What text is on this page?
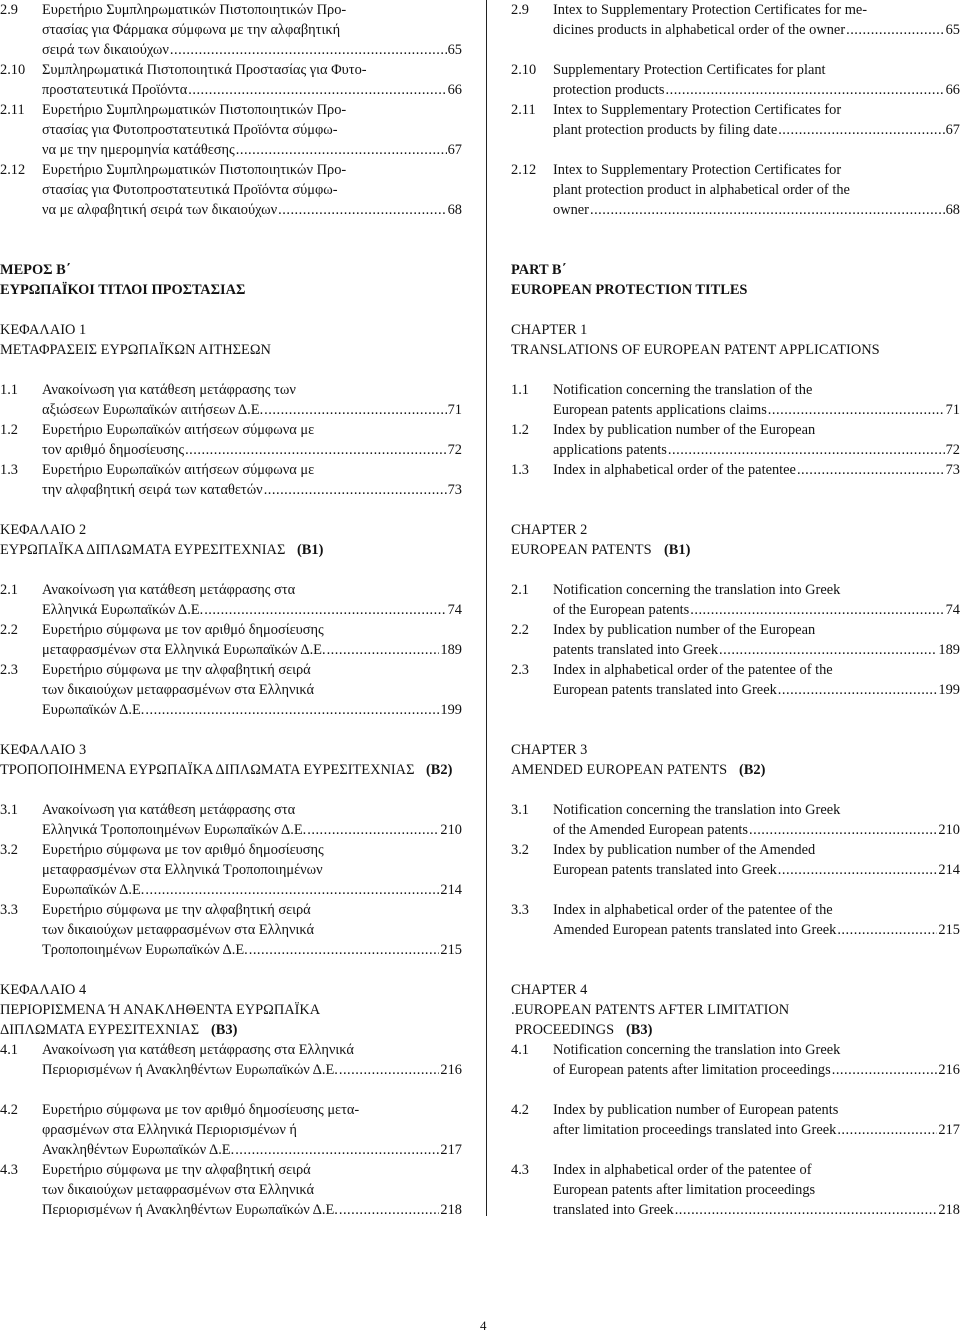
2.9 Ευρετήριο Συμπληρωματικών Πιστοποιητικών Προ-
στασίας για Φάρμακα σύμφωνα με την αλφαβητική
σειρά των δικαιούχων .....	65
2.10 Συμπληρωματικά Πιστοποιητικά Προστασίας για Φυτο-
προστατευτικά Προϊόντα .....	66
2.11 Ευρετήριο Συμπληρωματικών Πιστοποιητικών Προ-
στασίας για Φυτοπροστατευτικά Προϊόντα σύμφω-
να με την ημερομηνία κατάθεσης .....	67
2.12 Ευρετήριο Συμπληρωματικών Πιστοποιητικών Προ-
στασίας για Φυτοπροστατευτικά Προϊόντα σύμφω-
να με αλφαβητική σειρά των δικαιούχων .....	68
ΜΕΡΟΣ Β΄
ΕΥΡΩΠΑΪΚΟΙ ΤΙΤΛΟΙ ΠΡΟΣΤΑΣΙΑΣ
ΚΕΦΑΛΑΙΟ 1
ΜΕΤΑΦΡΑΣΕΙΣ ΕΥΡΩΠΑΪΚΩΝ ΑΙΤΗΣΕΩΝ
1.1 Ανακοίνωση για κατάθεση μετάφρασης των
αξιώσεων Ευρωπαϊκών αιτήσεων Δ.Ε. .....	71
1.2 Ευρετήριο Ευρωπαϊκών αιτήσεων σύμφωνα με
τον αριθμό δημοσίευσης .....	72
1.3 Ευρετήριο Ευρωπαϊκών αιτήσεων σύμφωνα με
την αλφαβητική σειρά των καταθετών .....	73
ΚΕΦΑΛΑΙΟ 2
ΕΥΡΩΠΑΪΚΑ ΔΙΠΛΩΜΑΤΑ ΕΥΡΕΣΙΤΕΧΝΙΑΣ (Β1)
2.1 Ανακοίνωση για κατάθεση μετάφρασης στα
Ελληνικά Ευρωπαϊκών Δ.Ε. .....	74
2.2 Ευρετήριο σύμφωνα με τον αριθμό δημοσίευσης
μεταφρασμένων στα Ελληνικά Ευρωπαϊκών Δ.Ε. .....	189
2.3 Ευρετήριο σύμφωνα με την αλφαβητική σειρά
των δικαιούχων μεταφρασμένων στα Ελληνικά
Ευρωπαϊκών Δ.Ε. .....	199
ΚΕΦΑΛΑΙΟ 3
ΤΡΟΠΟΠΟΙΗΜΕΝΑ ΕΥΡΩΠΑΪΚΑ ΔΙΠΛΩΜΑΤΑ ΕΥΡΕΣΙΤΕΧΝΙΑΣ (Β2)
3.1 Ανακοίνωση για κατάθεση μετάφρασης στα
Ελληνικά Τροποποιημένων Ευρωπαϊκών Δ.Ε. .....	210
3.2 Ευρετήριο σύμφωνα με τον αριθμό δημοσίευσης
μεταφρασμένων στα Ελληνικά Τροποποιημένων
Ευρωπαϊκών Δ.Ε. .....	214
3.3 Ευρετήριο σύμφωνα με την αλφαβητική σειρά
των δικαιούχων μεταφρασμένων στα Ελληνικά
Τροποποιημένων Ευρωπαϊκών Δ.Ε. .....	215
ΚΕΦΑΛΑΙΟ 4
ΠΕΡΙΟΡΙΣΜΕΝΑ Ή ΑΝΑΚΛΗΘΕΝΤΑ ΕΥΡΩΠΑΪΚΑ
ΔΙΠΛΩΜΑΤΑ ΕΥΡΕΣΙΤΕΧΝΙΑΣ (Β3)
4.1 Ανακοίνωση για κατάθεση μετάφρασης στα Ελληνικά
Περιορισμένων ή Ανακληθέντων Ευρωπαϊκών Δ.Ε. .....	216
4.2 Ευρετήριο σύμφωνα με τον αριθμό δημοσίευσης μετα-
φρασμένων στα Ελληνικά Περιορισμένων ή
Ανακληθέντων Ευρωπαϊκών Δ.Ε. .....	217
4.3 Ευρετήριο σύμφωνα με την αλφαβητική σειρά
των δικαιούχων μεταφρασμένων στα Ελληνικά
Περιορισμένων ή Ανακληθέντων Ευρωπαϊκών Δ.Ε. .....	218
2.9 Intex to Supplementary Protection Certificates for me-
dicines products in alphabetical order of the owner .....	65
2.10 Supplementary Protection Certificates for plant
protection products .....	66
2.11 Intex to Supplementary Protection Certificates for
plant protection products by filing date .....	67
2.12 Intex to Supplementary Protection Certificates for
plant protection product in alphabetical order of the
owner .....	68
PART Β΄
EUROPEAN PROTECTION TITLES
CHAPTER 1
TRANSLATIONS OF EUROPEAN PATENT APPLICATIONS
1.1 Notification concerning the translation of the
European patents applications claims .....	71
1.2 Index by publication number of the European
applications patents .....	72
1.3 Index in alphabetical order of the patentee .....	73
CHAPTER 2
EUROPEAN PATENTS (B1)
2.1 Notification concerning the translation into Greek
of the European patents .....	74
2.2 Index by publication number of the European
patents translated into Greek .....	189
2.3 Index in alphabetical order of the patentee of the
European patents translated into Greek .....	199
CHAPTER 3
AMENDED EUROPEAN PATENTS (B2)
3.1 Notification concerning the translation into Greek
of the Amended European patents .....	210
3.2 Index by publication number of the Amended
European patents translated into Greek .....	214
3.3 Index in alphabetical order of the patentee of the
Amended European patents translated into Greek .....	215
CHAPTER 4
.EUROPEAN PATENTS AFTER LIMITATION
PROCEEDINGS (B3)
4.1 Notification concerning the translation into Greek
of European patents after limitation proceedings .....	216
4.2 Index by publication number of European patents
after limitation proceedings translated into Greek .....	217
4.3 Index in alphabetical order of the patentee of
European patents after limitation proceedings
translated into Greek .....	218
4
